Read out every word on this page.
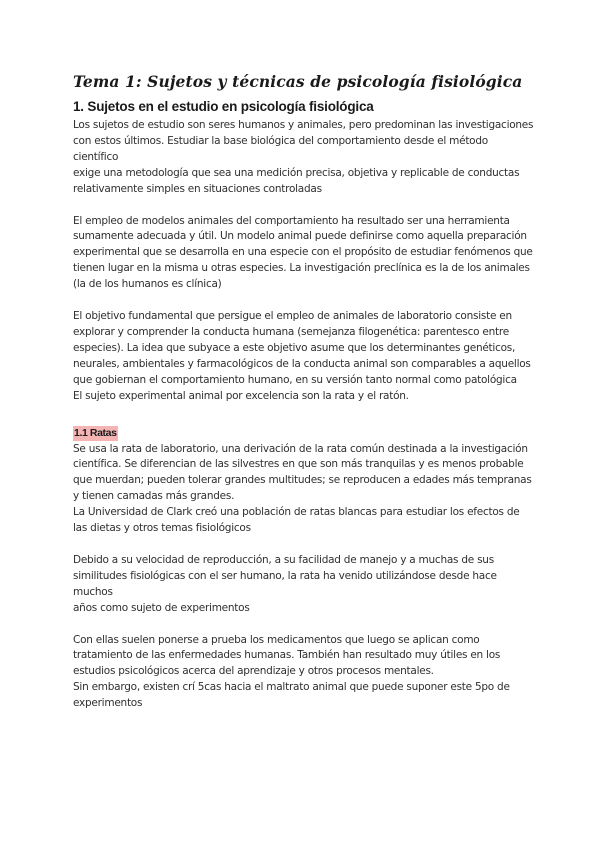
Tema 1: Sujetos y técnicas de psicología fisiológica
1. Sujetos en el estudio en psicología fisiológica
Los sujetos de estudio son seres humanos y animales, pero predominan las investigaciones
con estos últimos. Estudiar la base biológica del comportamiento desde el método científico
exige una metodología que sea una medición precisa, objetiva y replicable de conductas
relativamente simples en situaciones controladas
El empleo de modelos animales del comportamiento ha resultado ser una herramienta
sumamente adecuada y útil. Un modelo animal puede definirse como aquella preparación
experimental que se desarrolla en una especie con el propósito de estudiar fenómenos que
tienen lugar en la misma u otras especies. La investigación preclínica es la de los animales
(la de los humanos es clínica)
El objetivo fundamental que persigue el empleo de animales de laboratorio consiste en
explorar y comprender la conducta humana (semejanza filogenética: parentesco entre
especies). La idea que subyace a este objetivo asume que los determinantes genéticos,
neurales, ambientales y farmacológicos de la conducta animal son comparables a aquellos
que gobiernan el comportamiento humano, en su versión tanto normal como patológica
El sujeto experimental animal por excelencia son la rata y el ratón.
1.1 Ratas
Se usa la rata de laboratorio, una derivación de la rata común destinada a la investigación
científica. Se diferencian de las silvestres en que son más tranquilas y es menos probable
que muerdan; pueden tolerar grandes multitudes; se reproducen a edades más tempranas
y tienen camadas más grandes.
La Universidad de Clark creó una población de ratas blancas para estudiar los efectos de
las dietas y otros temas fisiológicos
Debido a su velocidad de reproducción, a su facilidad de manejo y a muchas de sus
similitudes fisiológicas con el ser humano, la rata ha venido utilizándose desde hace muchos
años como sujeto de experimentos
Con ellas suelen ponerse a prueba los medicamentos que luego se aplican como
tratamiento de las enfermedades humanas. También han resultado muy útiles en los
estudios psicológicos acerca del aprendizaje y otros procesos mentales.
Sin embargo, existen crí 5cas hacia el maltrato animal que puede suponer este 5po de
experimentos
